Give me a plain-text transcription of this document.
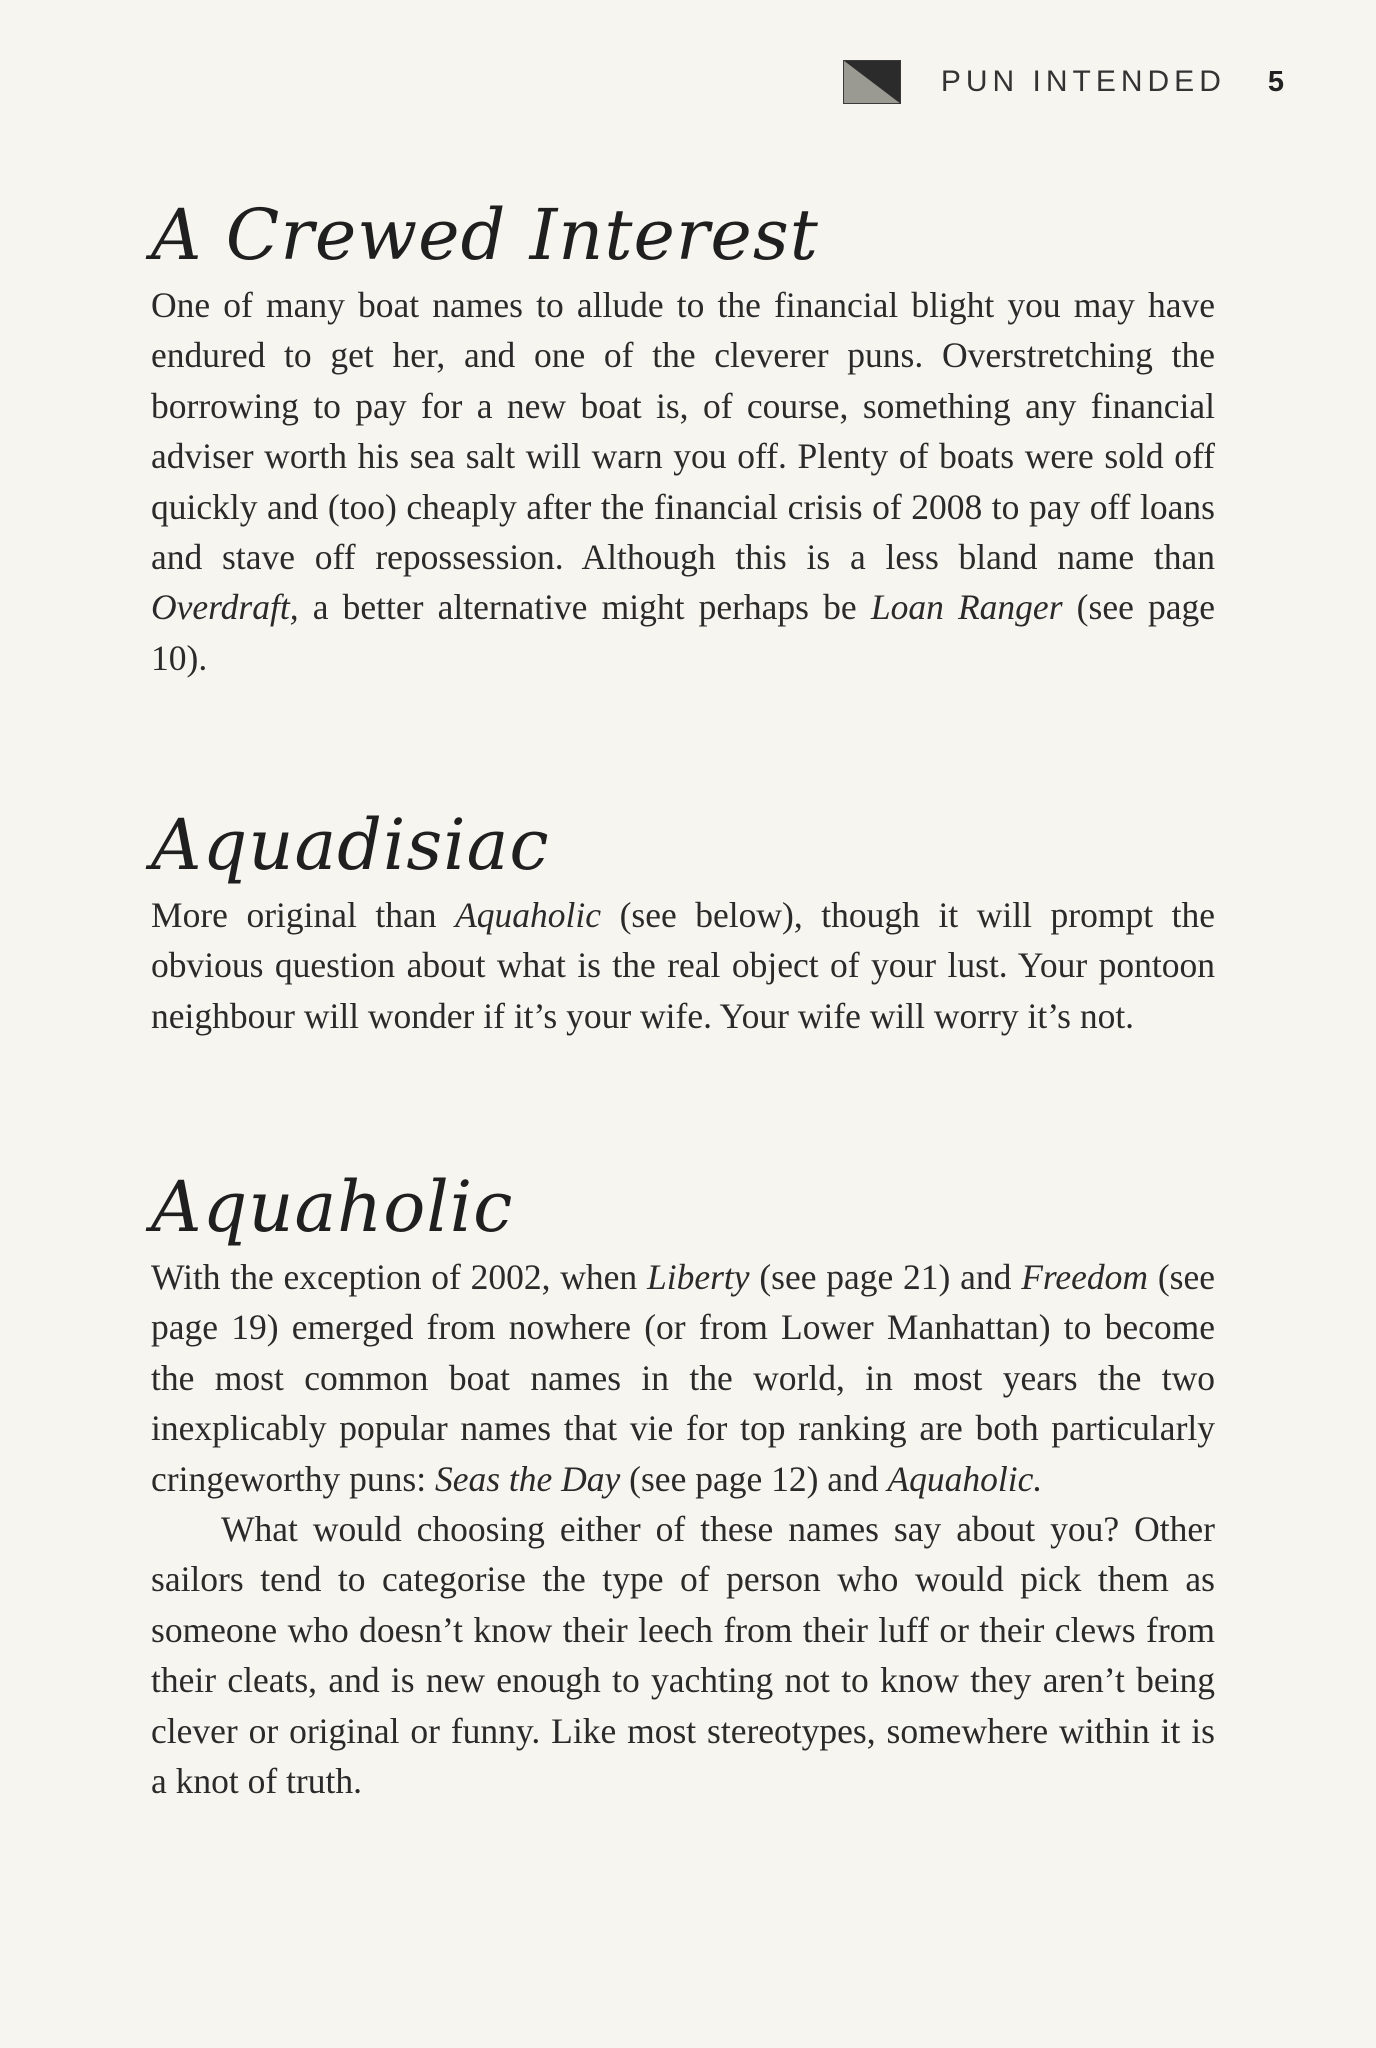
PUN INTENDED 5
A Crewed Interest

One of many boat names to allude to the financial blight you may have endured to get her, and one of the cleverer puns. Overstretching the borrowing to pay for a new boat is, of course, something any financial adviser worth his sea salt will warn you off. Plenty of boats were sold off quickly and (too) cheaply after the financial crisis of 2008 to pay off loans and stave off repossession. Although this is a less bland name than Overdraft, a better alternative might perhaps be Loan Ranger (see page 10).

Aquadisiac

More original than Aquaholic (see below), though it will prompt the obvious question about what is the real object of your lust. Your pontoon neighbour will wonder if it’s your wife. Your wife will worry it’s not.

Aquaholic

With the exception of 2002, when Liberty (see page 21) and Freedom (see page 19) emerged from nowhere (or from Lower Manhattan) to become the most common boat names in the world, in most years the two inexplicably popular names that vie for top ranking are both particularly cringeworthy puns: Seas the Day (see page 12) and Aquaholic.

What would choosing either of these names say about you? Other sailors tend to categorise the type of person who would pick them as someone who doesn’t know their leech from their luff or their clews from their cleats, and is new enough to yachting not to know they aren’t being clever or original or funny. Like most stereotypes, somewhere within it is a knot of truth.
